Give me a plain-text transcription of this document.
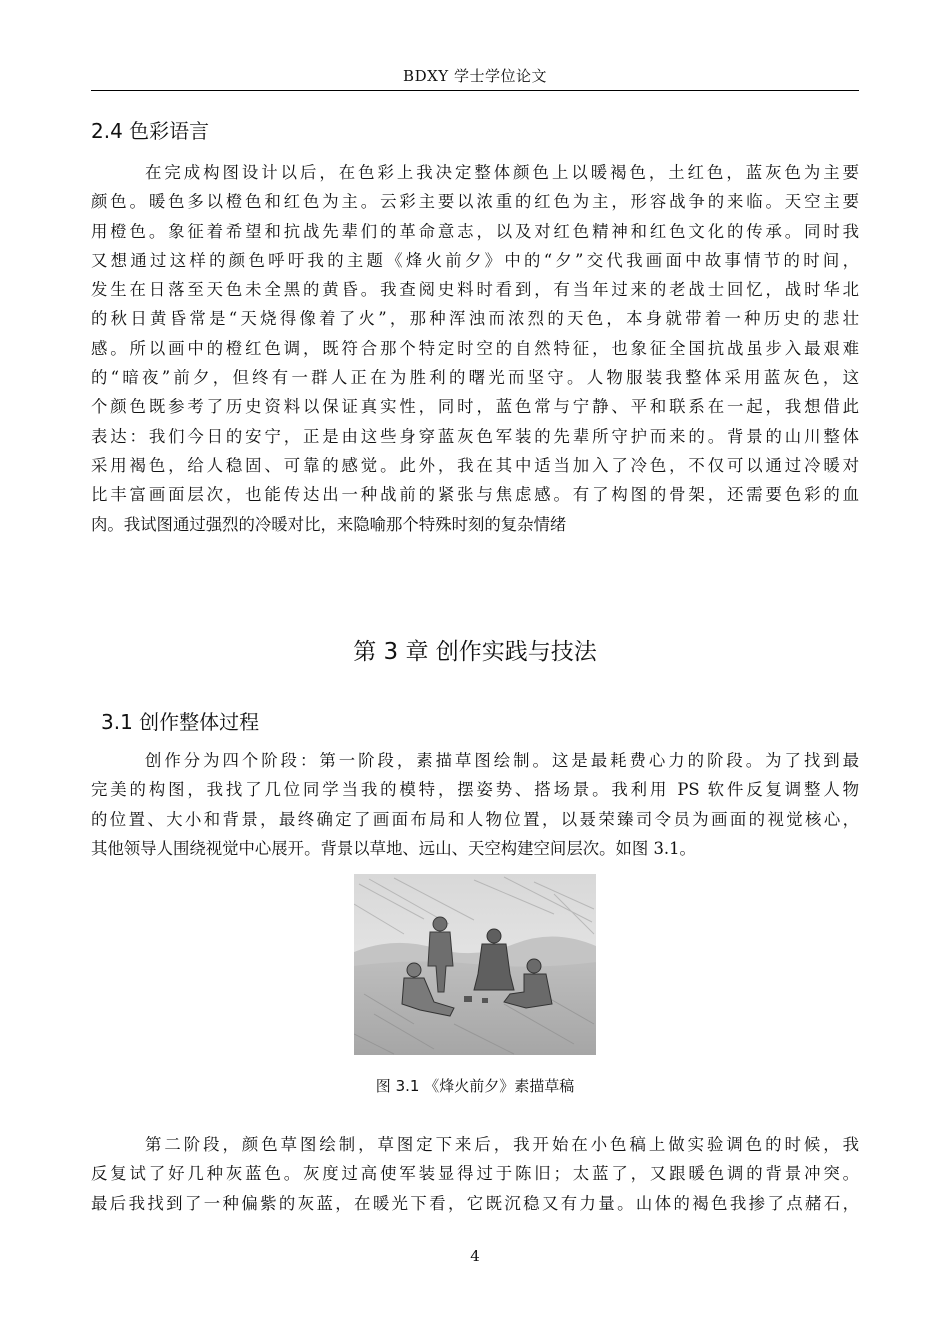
BDXY 学士学位论文
2.4 色彩语言
在完成构图设计以后，在色彩上我决定整体颜色上以暖褐色，土红色，蓝灰色为主要
颜色。暖色多以橙色和红色为主。云彩主要以浓重的红色为主，形容战争的来临。天空主要
用橙色。象征着希望和抗战先辈们的革命意志，以及对红色精神和红色文化的传承。同时我
又想通过这样的颜色呼吁我的主题《烽火前夕》中的“夕”交代我画面中故事情节的时间，
发生在日落至天色未全黑的黄昏。我查阅史料时看到，有当年过来的老战士回忆，战时华北
的秋日黄昏常是“天烧得像着了火”，那种浑浊而浓烈的天色，本身就带着一种历史的悲壮
感。所以画中的橙红色调，既符合那个特定时空的自然特征，也象征全国抗战虽步入最艰难
的“暗夜”前夕，但终有一群人正在为胜利的曙光而坚守。人物服装我整体采用蓝灰色，这
个颜色既参考了历史资料以保证真实性，同时，蓝色常与宁静、平和联系在一起，我想借此
表达：我们今日的安宁，正是由这些身穿蓝灰色军装的先辈所守护而来的。背景的山川整体
采用褐色，给人稳固、可靠的感觉。此外，我在其中适当加入了冷色，不仅可以通过冷暖对
比丰富画面层次，也能传达出一种战前的紧张与焦虑感。有了构图的骨架，还需要色彩的血
肉。我试图通过强烈的冷暖对比，来隐喻那个特殊时刻的复杂情绪
第 3 章 创作实践与技法
3.1 创作整体过程
创作分为四个阶段：第一阶段，素描草图绘制。这是最耗费心力的阶段。为了找到最
完美的构图，我找了几位同学当我的模特，摆姿势、搭场景。我利用 PS 软件反复调整人物
的位置、大小和背景，最终确定了画面布局和人物位置，以聂荣臻司令员为画面的视觉核心，
其他领导人围绕视觉中心展开。背景以草地、远山、天空构建空间层次。如图 3.1。
图 3.1 《烽火前夕》素描草稿
第二阶段，颜色草图绘制，草图定下来后，我开始在小色稿上做实验调色的时候，我
反复试了好几种灰蓝色。灰度过高使军装显得过于陈旧；太蓝了，又跟暖色调的背景冲突。
最后我找到了一种偏紫的灰蓝，在暖光下看，它既沉稳又有力量。山体的褐色我掺了点赭石，
4
